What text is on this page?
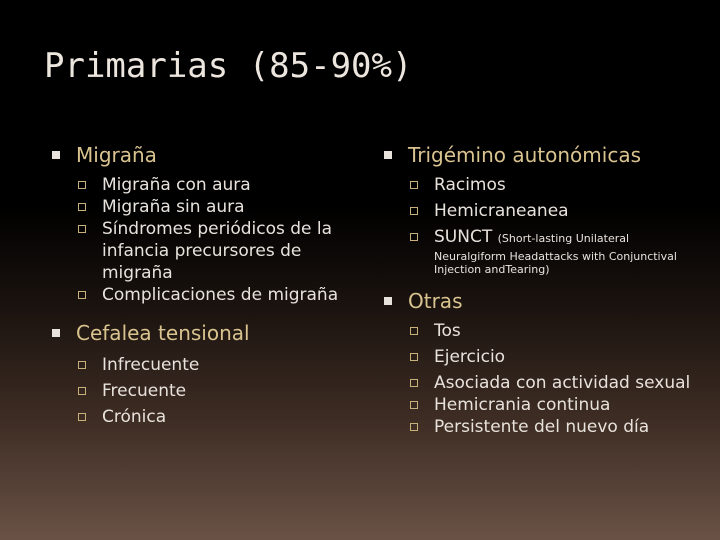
Primarias (85-90%)
Migraña
Migraña con aura
Migraña sin aura
Síndromes periódicos de la infancia precursores de migraña
Complicaciones de migraña
Cefalea tensional
Infrecuente
Frecuente
Crónica
Trigémino autonómicas
Racimos
Hemicraneanea
SUNCT (Short-lasting Unilateral
Neuralgiform Headattacks with Conjunctival Injection andTearing)
Otras
Tos
Ejercicio
Asociada con actividad sexual
Hemicrania continua
Persistente del nuevo día
